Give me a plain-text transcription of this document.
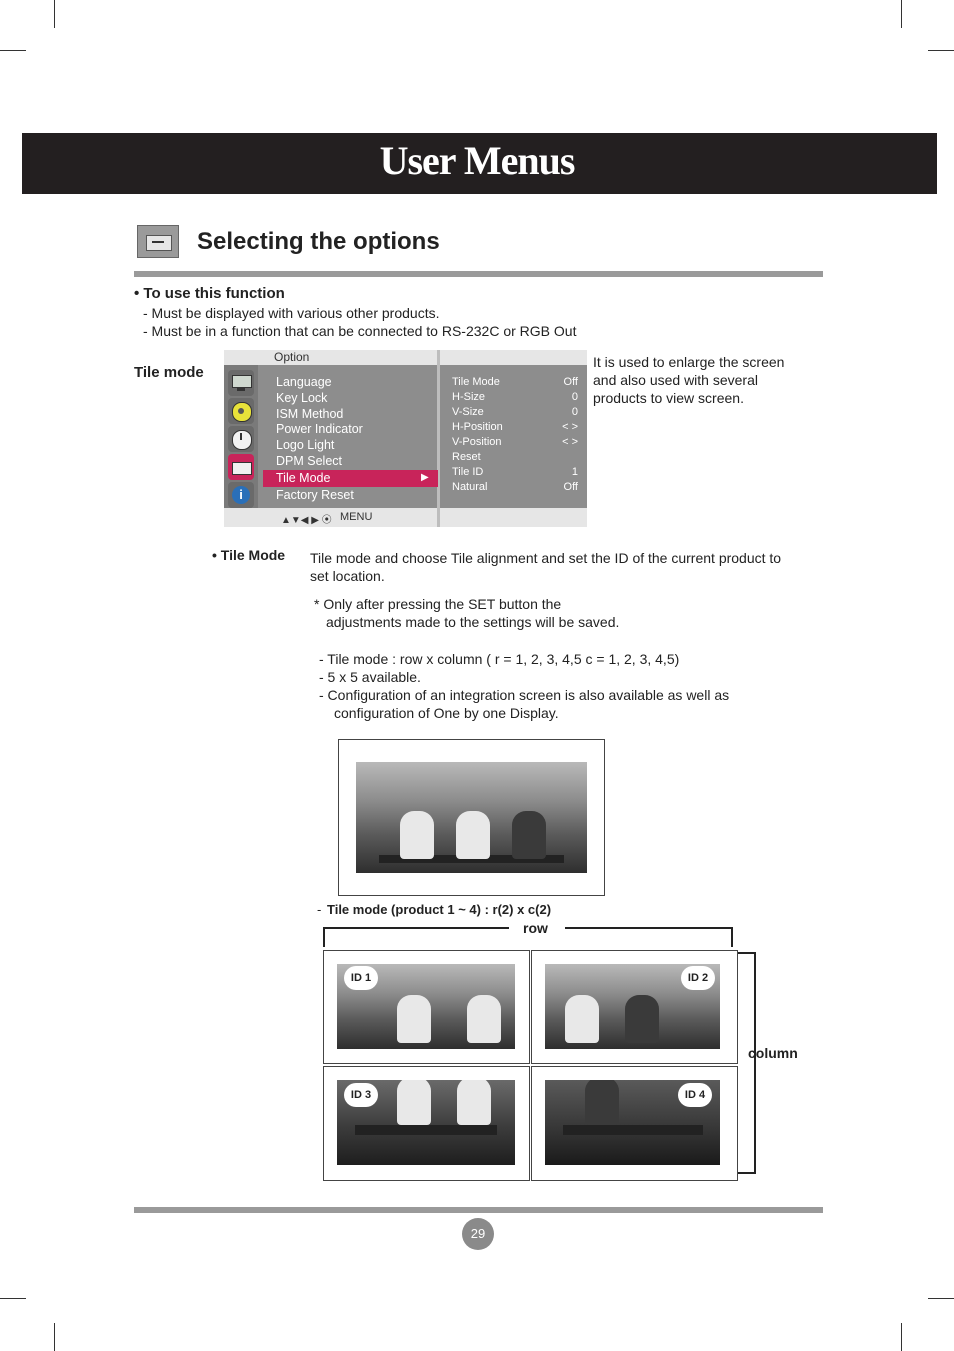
User Menus
Selecting the options
• To use this function
- Must be displayed with various other products.
- Must be in a function that can be connected to RS-232C or RGB Out
Tile mode
Option
i
▶
Language
Key Lock
ISM Method
Power Indicator
Logo Light
DPM Select
Tile Mode
Factory Reset
Tile Mode	Off
H-Size	0
V-Size	0
H-Position	< >
V-Position	< >
Reset
Tile ID	1
Natural	Off
▲▼◀ ▶ ⦿ MENU
It is used to enlarge the screen and also used with several products to view screen.
• Tile Mode Tile mode and choose Tile alignment and set the ID of the current product to set location.
* Only after pressing the SET button the
adjustments made to the settings will be saved.
- Tile mode : row x column ( r = 1, 2, 3, 4,5 c = 1, 2, 3, 4,5)
- 5 x 5 available.
- Configuration of an integration screen is also available as well as
configuration of One by one Display.
- Tile mode (product 1 ~ 4) : r(2) x c(2)
row
column
ID 1	ID 2
ID 3	ID 4
29
